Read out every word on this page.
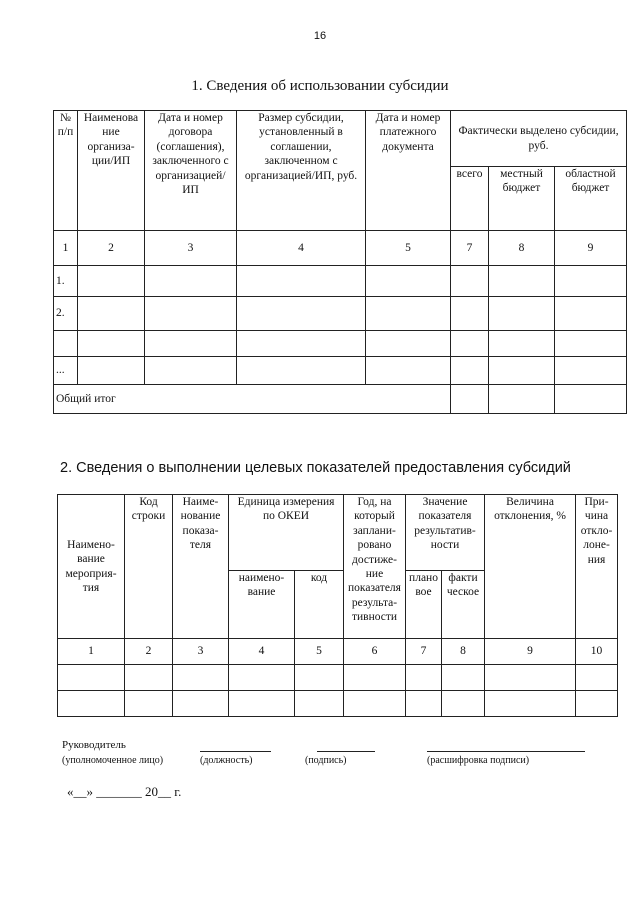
16
1. Сведения об использовании субсидии
№ п/п	Наименова ние организа- ции/ИП	Дата и номер договора (соглашения), заключенного с организацией/ ИП	Размер субсидии, установленный в соглашении, заключенном с организацией/ИП, руб.	Дата и номер платежного документа	Фактически выделено субсидии, руб.		
					всего	местный бюджет	областной бюджет
1	2	3	4	5	7	8	9
1.							
2.							

...							
Общий итог							
2. Сведения о выполнении целевых показателей предоставления субсидий
Наимено- вание мероприя- тия	Код строки	Наиме- нование показа- теля	Единица измерения по ОКЕИ		Год, на который заплани- ровано достиже- ние показателя результа- тивности	Значение показателя результатив- ности		Величина отклонения, %	При- чина откло- лоне- ния
			наимено- вание	код		плано вое	факти ческое		
1	2	3	4	5	6	7	8	9	10

Руководитель
(уполномоченное лицо)	(должность)	(подпись)	(расшифровка подписи)
«__» _______ 20__ г.
